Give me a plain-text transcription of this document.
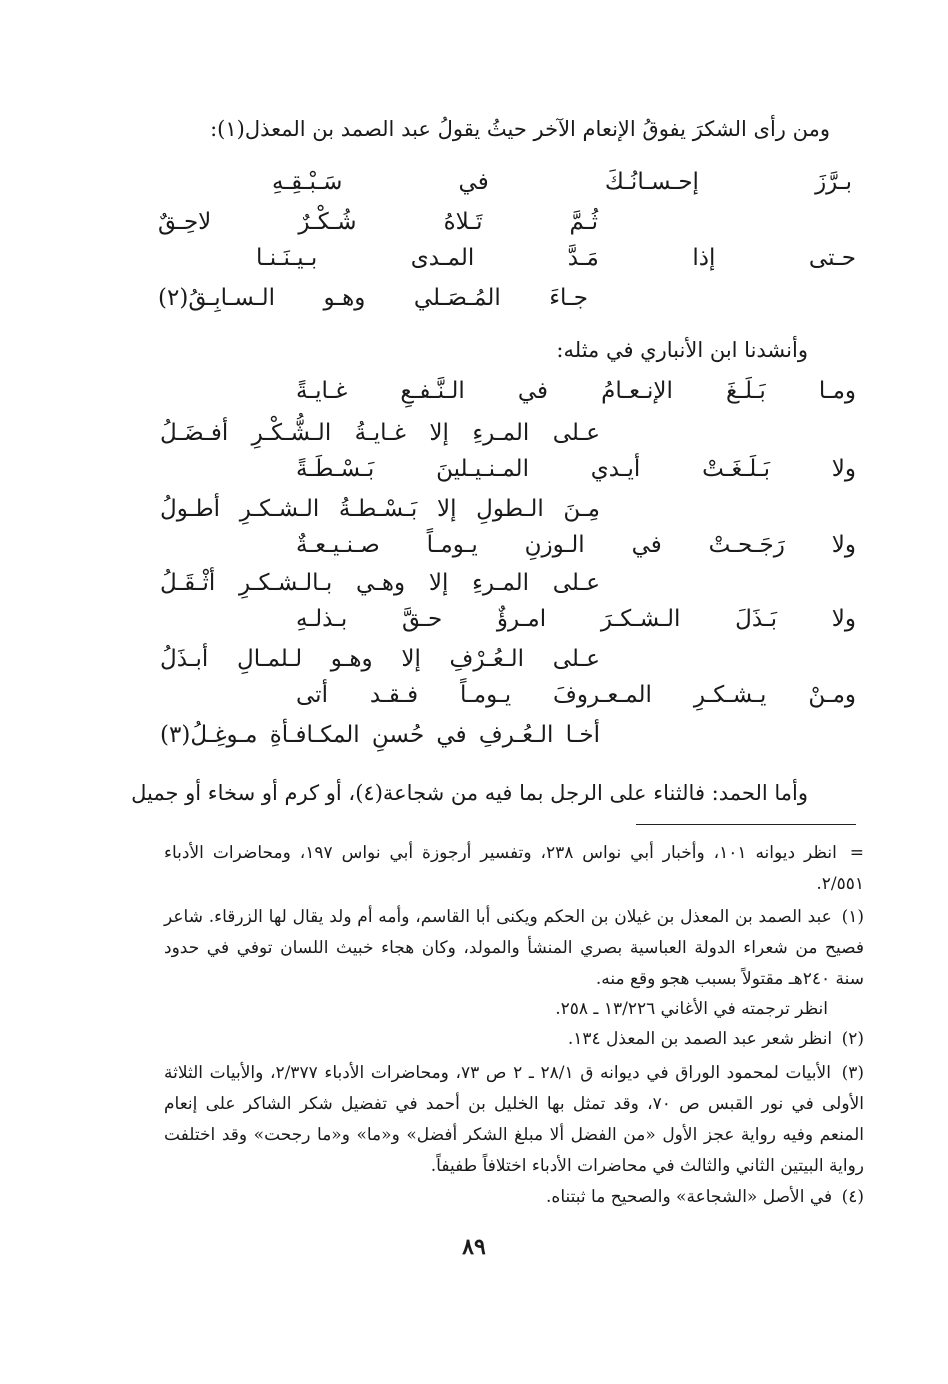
ومن رأى الشكرَ يفوقُ الإنعام الآخر حيثُ يقولُ عبد الصمد بن المعذل(١):
بـرَّزَ
إحـسـانُـكَ
في
سَـبْـقِـهِ
ثُـمَّ
تَـلاهُ
شُـكْـرٌ
لاحِـقٌ
حـتى
إذا
مَـدَّ
المـدى
بـيـنَـنـا
جـاءَ
المُـصَـلي
وهـو
الـسـابِـقُ(٢)
وأنشدنا ابن الأنباري في مثله:
ومـا بَـلَـغَ الإنـعـامُ في الـنَّـفـعِ غـايـةً
عـلى المـرءِ إلا غـايـةُ الـشُّـكْـرِ أفـضَـلُ
ولا بَـلَـغَـتْ أيـدي المـنـيـلينَ بَـسْـطَـةً
مِـنَ الـطولِ إلا بَـسْـطـةُ الـشـكـرِ أطـولُ
ولا رَجَـحـتْ في الـوزنِ يـومـاً صـنـيـعـةٌ
عـلى المـرءِ إلا وهـي بـالـشـكـرِ أثْـقَـلُ
ولا بَـذَلَ الـشـكـرَ امـرؤٌ حـقَّ بـذلـهِ
عـلى الـعُـرْفِ إلا وهـو لـلمـالِ أبـذَلُ
ومـنْ يـشـكـرِ المـعـروفَ يـومـاً فـقـد أتى
أخـا الـعُـرفِ في حُسنِ المكـافـأةِ مـوغِـلُ(٣)
وأما الحمد: فالثناء على الرجل بما فيه من شجاعة(٤)، أو كرم أو سخاء أو جميل
= انظر ديوانه ١٠١، وأخبار أبي نواس ٢٣٨، وتفسير أرجوزة أبي نواس ١٩٧، ومحاضرات الأدباء ٢/٥٥١.
(١) عبد الصمد بن المعذل بن غيلان بن الحكم ويكنى أبا القاسم، وأمه أم ولد يقال لها الزرقاء. شاعر فصيح من شعراء الدولة العباسية بصري المنشأ والمولد، وكان هجاء خبيث اللسان توفي في حدود سنة ٢٤٠هـ مقتولاً بسبب هجو وقع منه.
انظر ترجمته في الأغاني ١٣/٢٢٦ ـ ٢٥٨.
(٢) انظر شعر عبد الصمد بن المعذل ١٣٤.
(٣) الأبيات لمحمود الوراق في ديوانه ق ٢٨/١ ـ ٢ ص ٧٣، ومحاضرات الأدباء ٢/٣٧٧، والأبيات الثلاثة الأولى في نور القبس ص ٧٠، وقد تمثل بها الخليل بن أحمد في تفضيل شكر الشاكر على إنعام المنعم وفيه رواية عجز الأول «من الفضل ألا مبلغ الشكر أفضل» و«ما» و«ما رجحت» وقد اختلفت رواية البيتين الثاني والثالث في محاضرات الأدباء اختلافاً طفيفاً.
(٤) في الأصل «الشجاعة» والصحيح ما ثبتناه.
٨٩
